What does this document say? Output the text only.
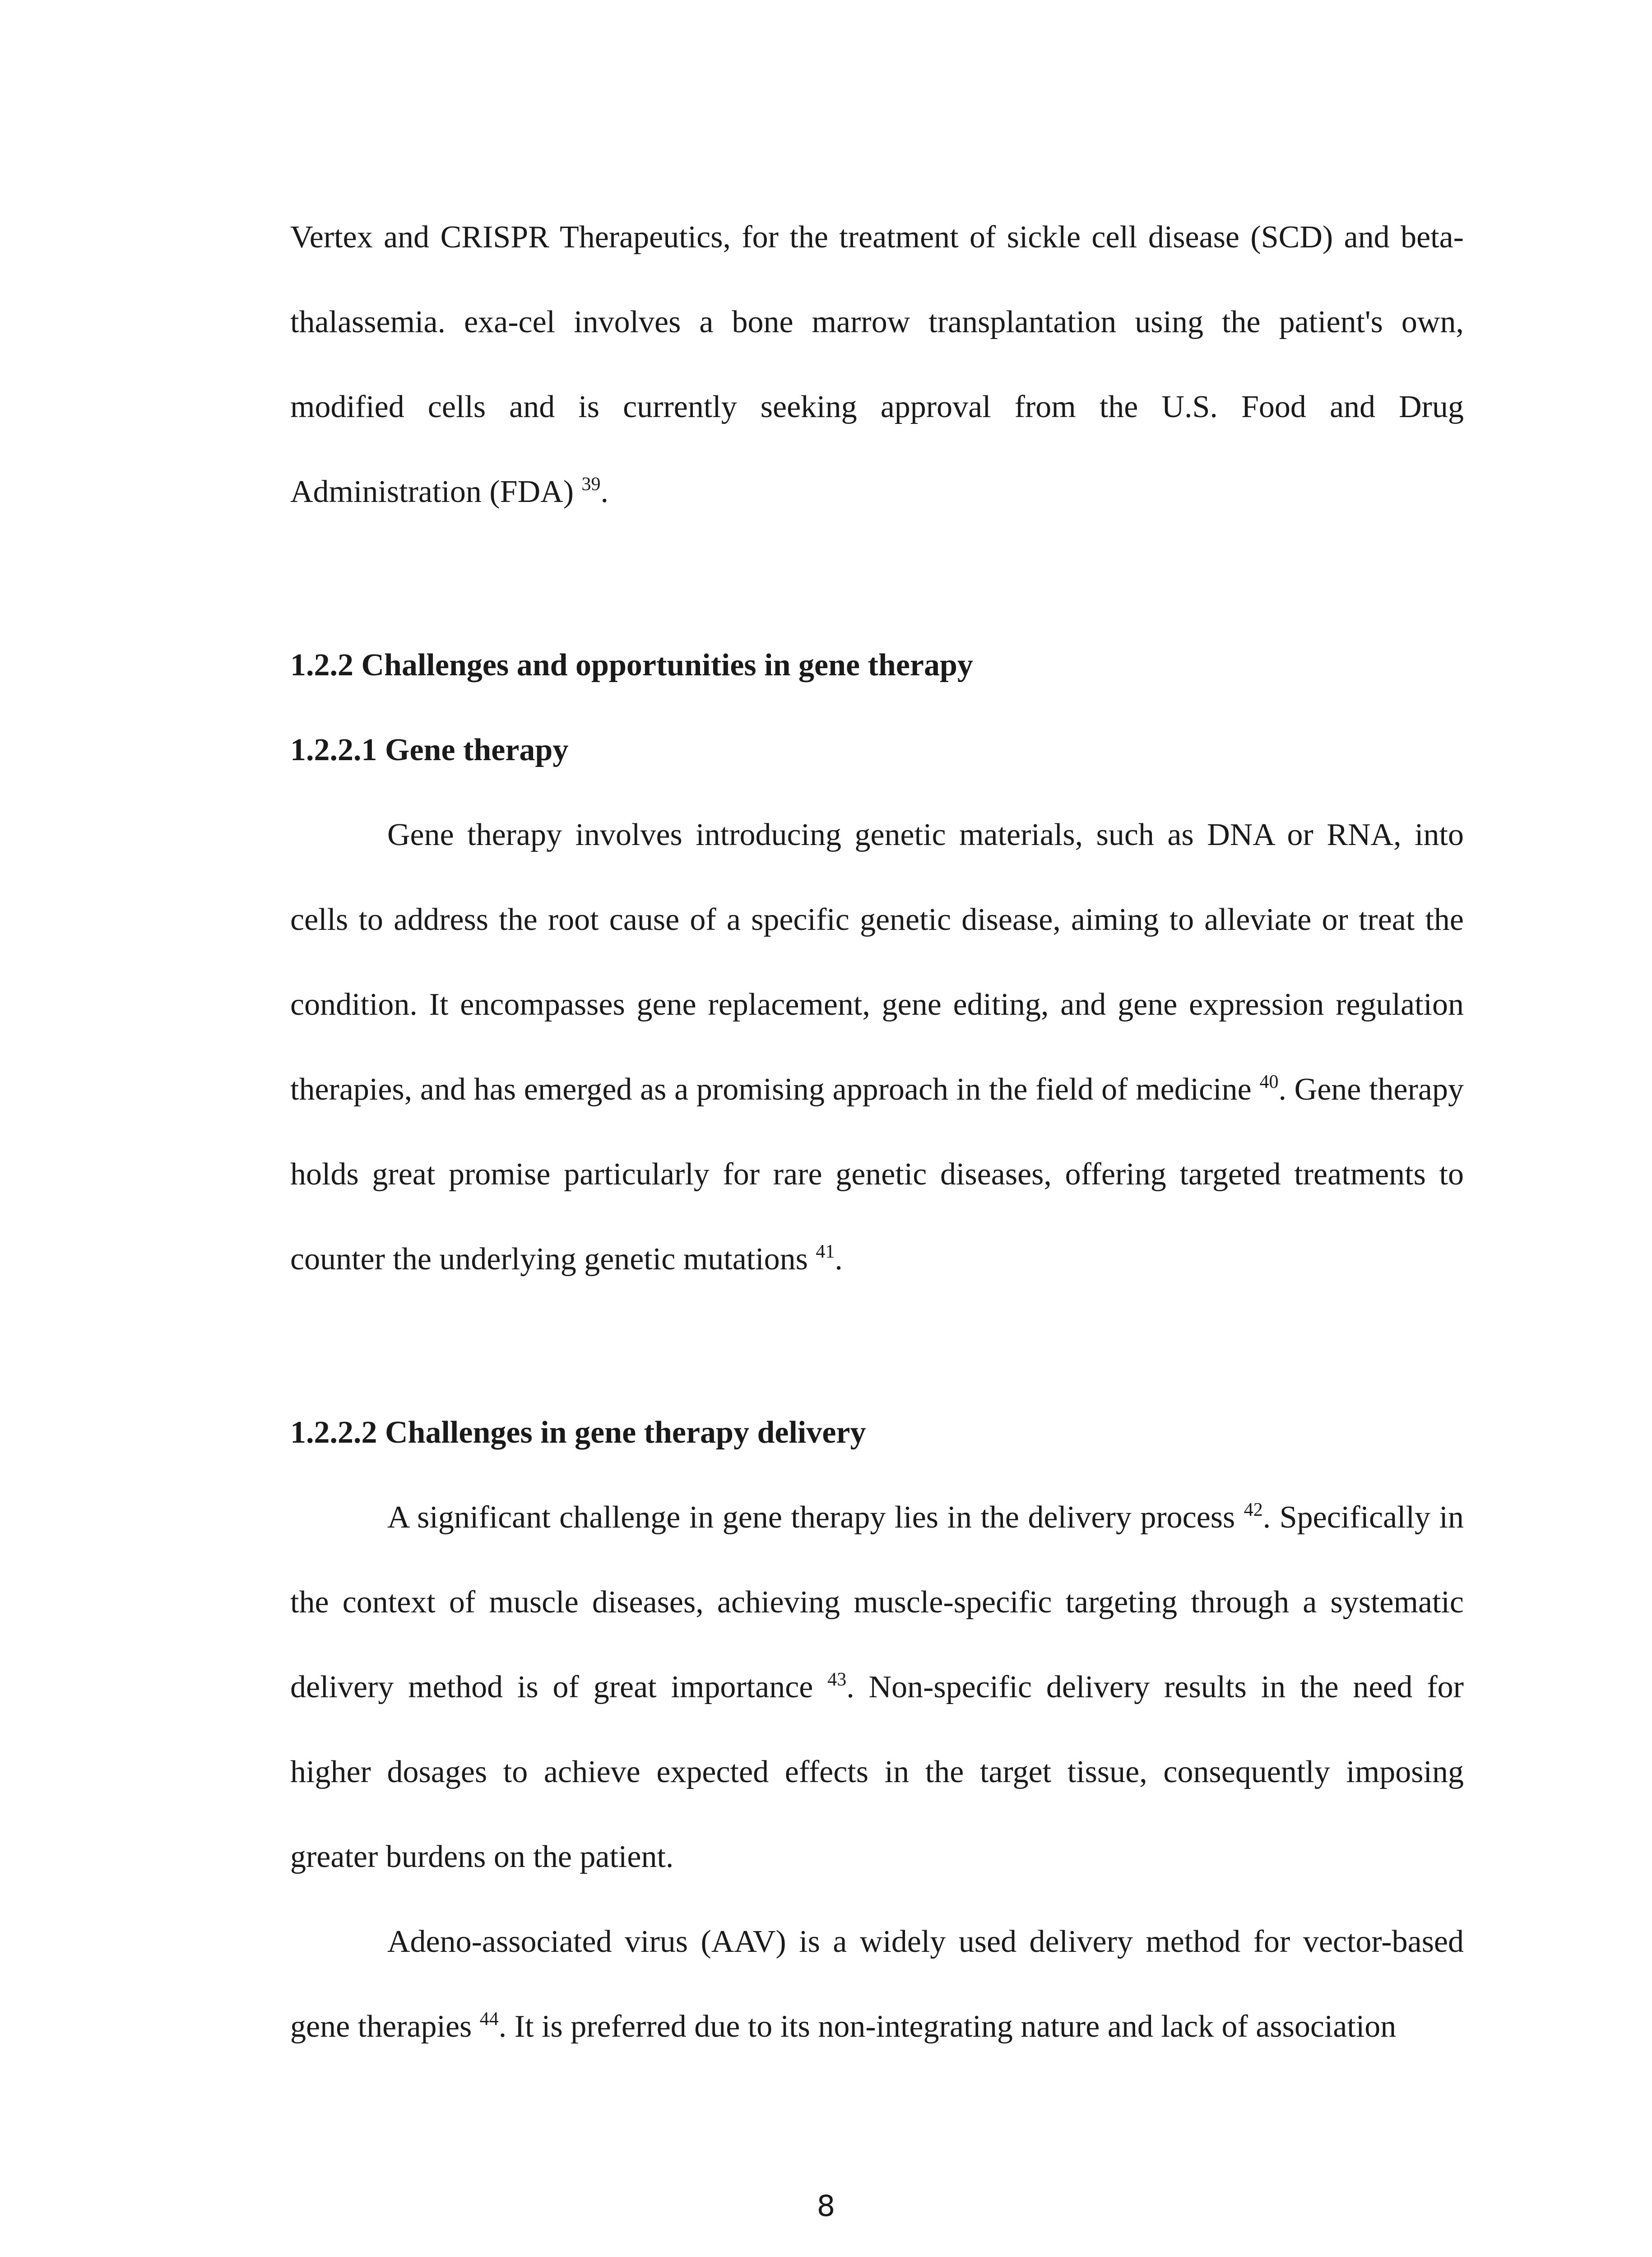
Vertex and CRISPR Therapeutics, for the treatment of sickle cell disease (SCD) and beta-thalassemia. exa-cel involves a bone marrow transplantation using the patient's own, modified cells and is currently seeking approval from the U.S. Food and Drug Administration (FDA) $^{39}$.

1.2.2 Challenges and opportunities in gene therapy
1.2.2.1 Gene therapy

Gene therapy involves introducing genetic materials, such as DNA or RNA, into cells to address the root cause of a specific genetic disease, aiming to alleviate or treat the condition. It encompasses gene replacement, gene editing, and gene expression regulation therapies, and has emerged as a promising approach in the field of medicine $^{40}$. Gene therapy holds great promise particularly for rare genetic diseases, offering targeted treatments to counter the underlying genetic mutations $^{41}$.

1.2.2.2 Challenges in gene therapy delivery

A significant challenge in gene therapy lies in the delivery process $^{42}$. Specifically in the context of muscle diseases, achieving muscle-specific targeting through a systematic delivery method is of great importance $^{43}$. Non-specific delivery results in the need for higher dosages to achieve expected effects in the target tissue, consequently imposing greater burdens on the patient.

Adeno-associated virus (AAV) is a widely used delivery method for vector-based gene therapies $^{44}$. It is preferred due to its non-integrating nature and lack of association

8
